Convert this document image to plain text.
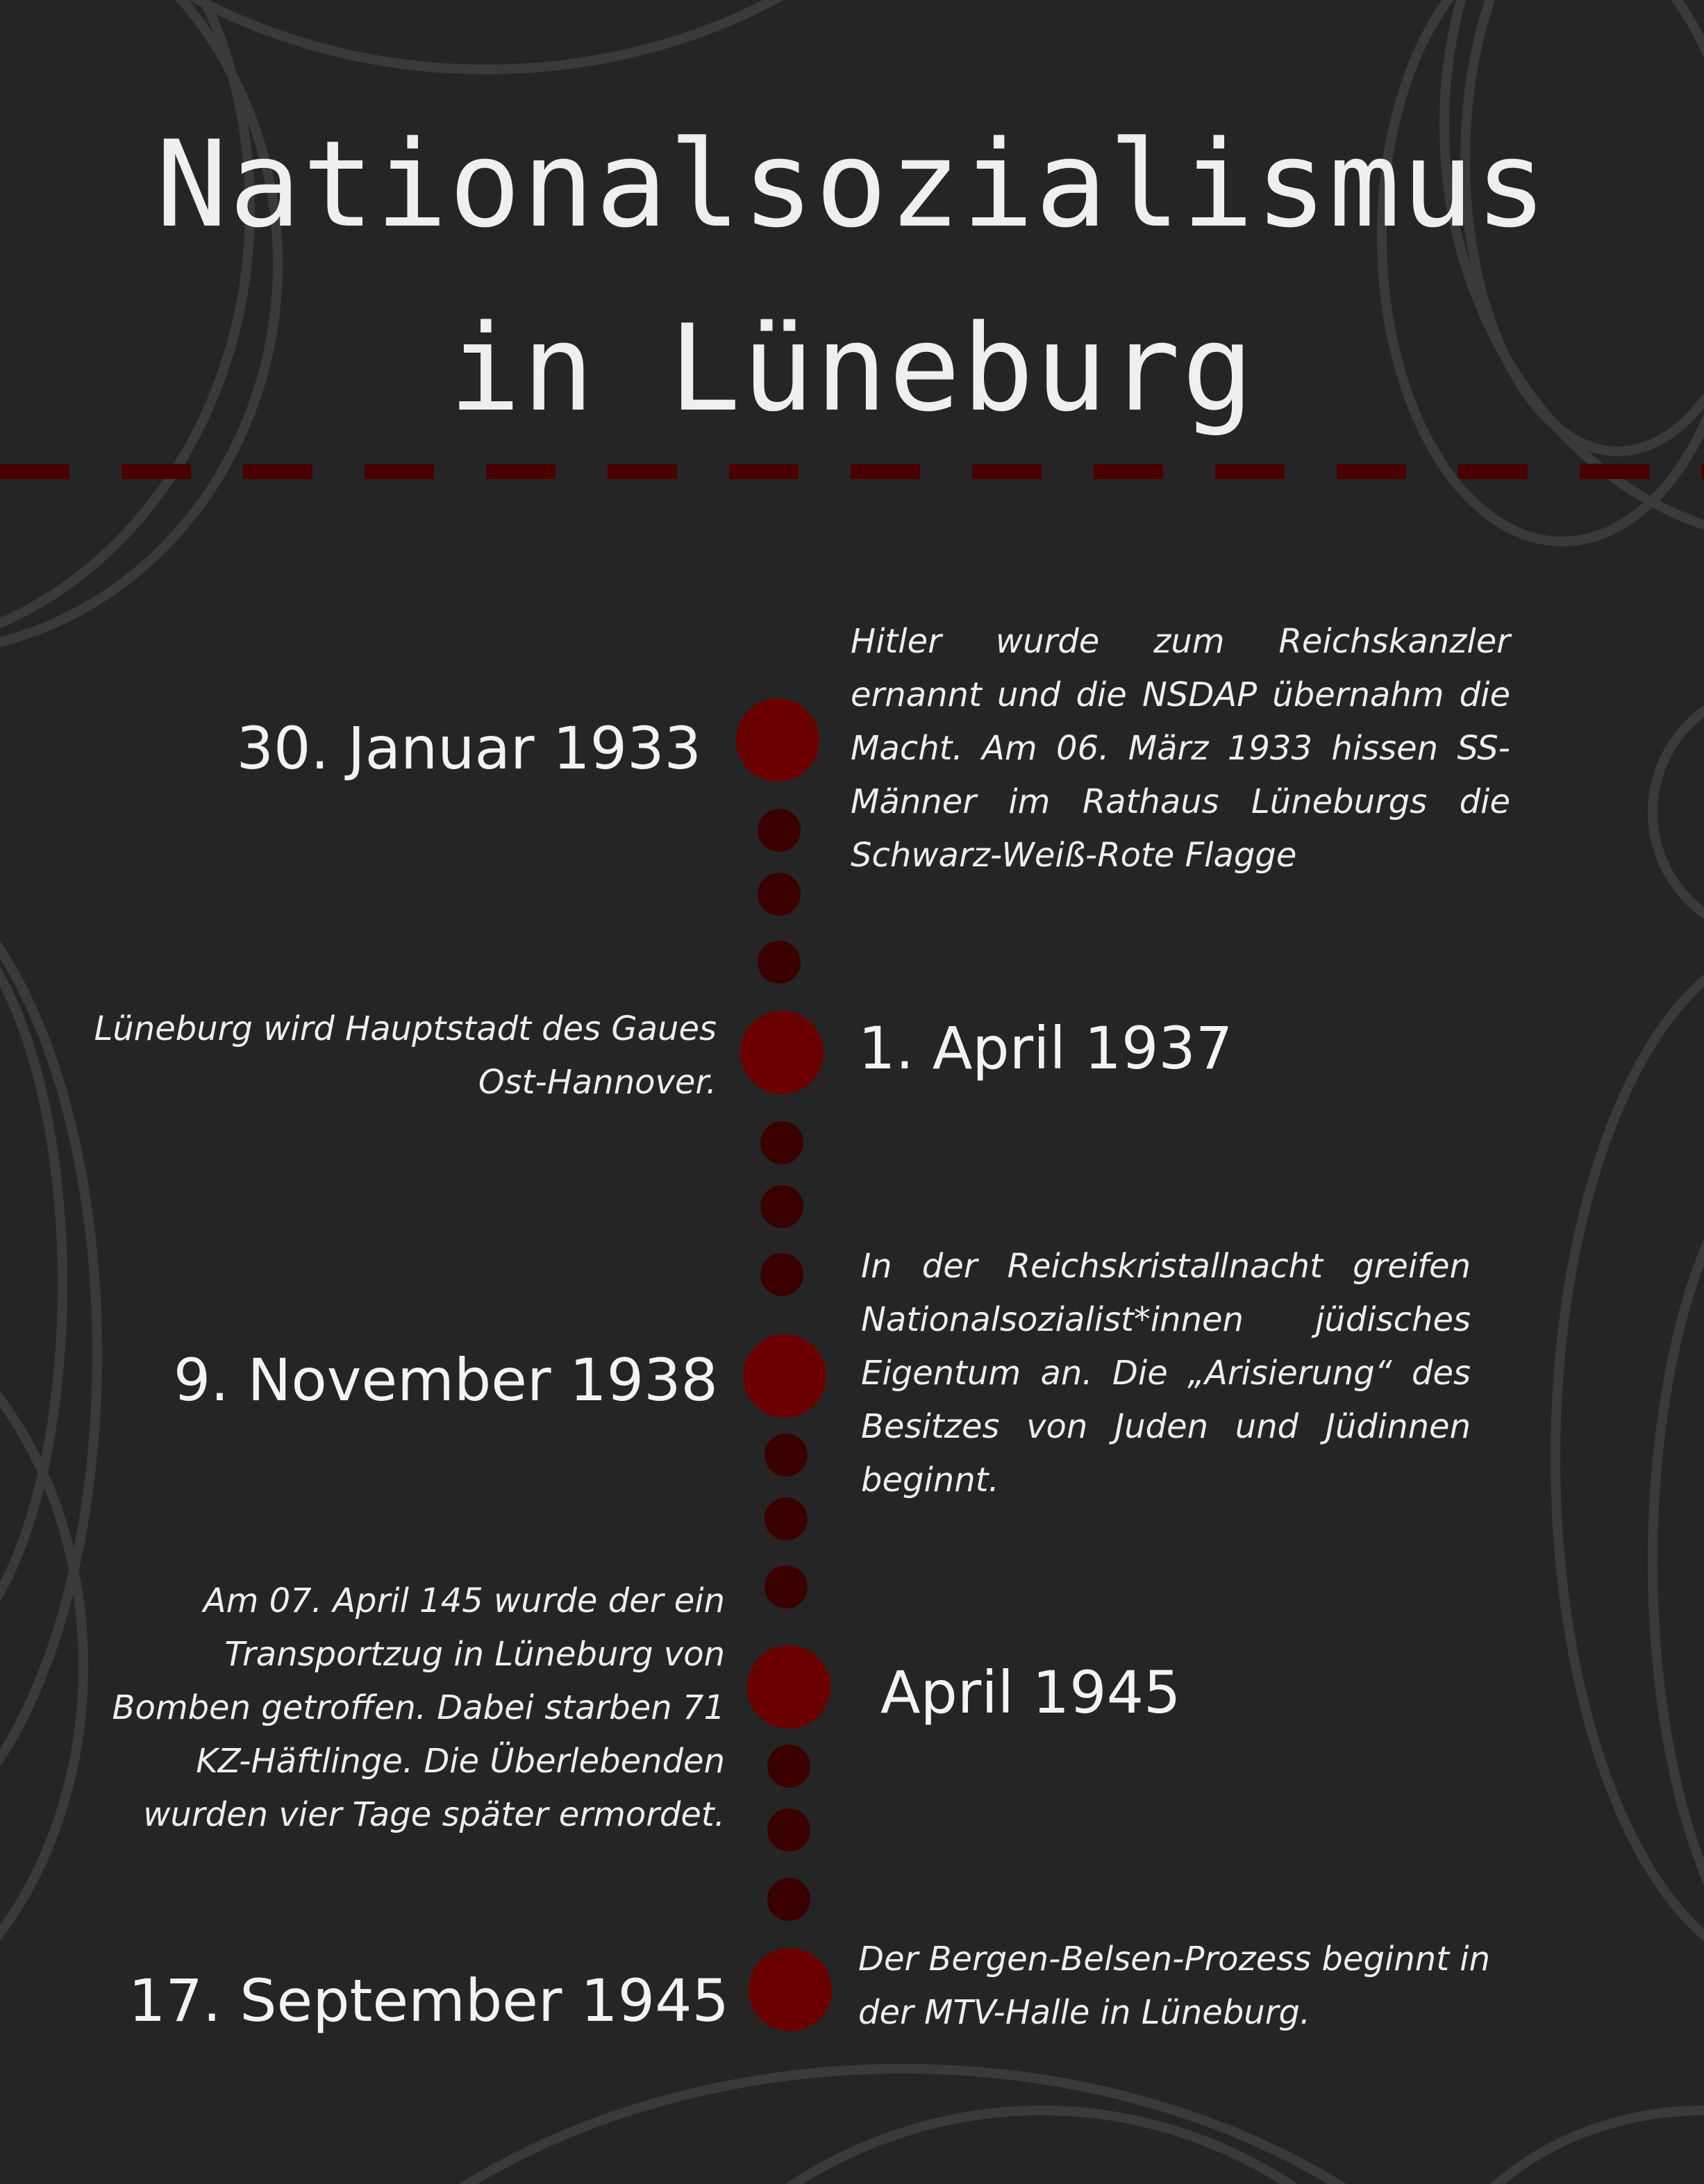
Nationalsozialismus
in Lüneburg
30. Januar 1933

Hitler wurde zum Reichskanzler ernannt und die NSDAP übernahm die Macht. Am 06. März 1933 hissen SS-Männer im Rathaus Lüneburgs die Schwarz-Weiß-Rote Flagge

Lüneburg wird Hauptstadt des Gaues Ost-Hannover. 1. April 1937
9. November 1938

In der Reichskristallnacht greifen Nationalsozialist*innen jüdisches Eigentum an. Die „Arisierung“ des Besitzes von Juden und Jüdinnen beginnt.

Am 07. April 145 wurde der ein Transportzug in Lüneburg von Bomben getroffen. Dabei starben 71 KZ-Häftlinge. Die Überlebenden wurden vier Tage später ermordet.

April 1945
17. September 1945

Der Bergen-Belsen-Prozess beginnt in der MTV-Halle in Lüneburg.
